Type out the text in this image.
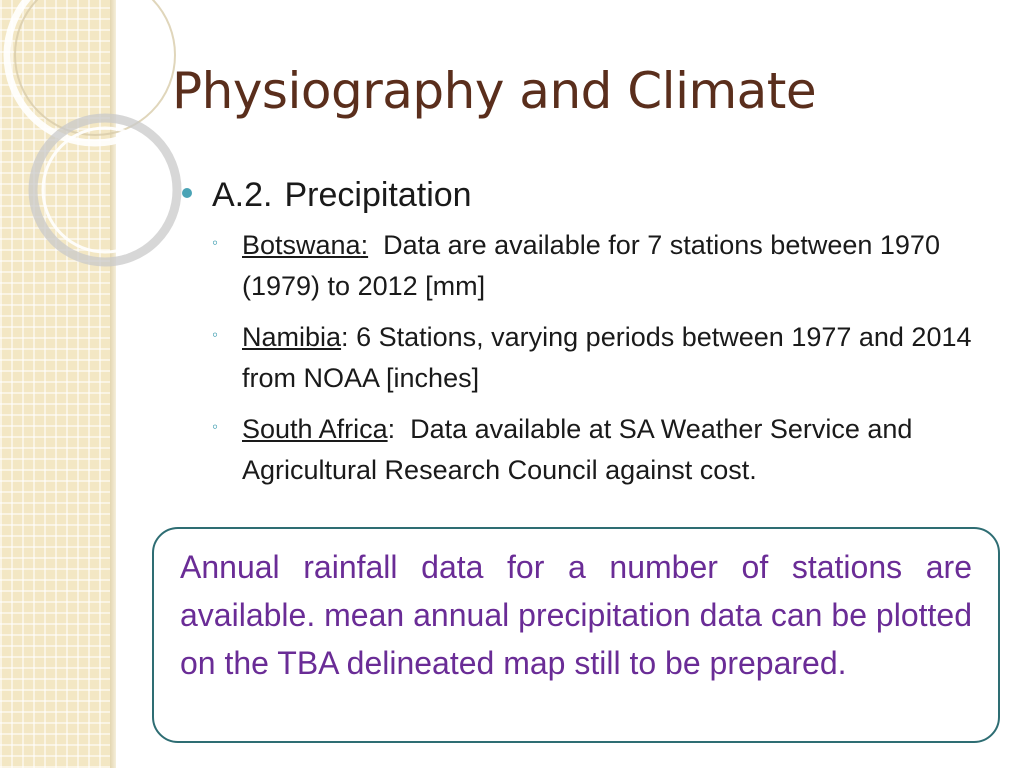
Physiography and Climate
A.2. Precipitation
◦ Botswana:  Data are available for 7 stations between 1970 (1979) to 2012 [mm]
◦ Namibia: 6 Stations, varying periods between 1977 and 2014 from NOAA [inches]
◦ South Africa:  Data available at SA Weather Service and Agricultural Research Council against cost.

Annual rainfall data for a number of stations are available. mean annual precipitation data can be plotted on the TBA delineated map still to be prepared.
